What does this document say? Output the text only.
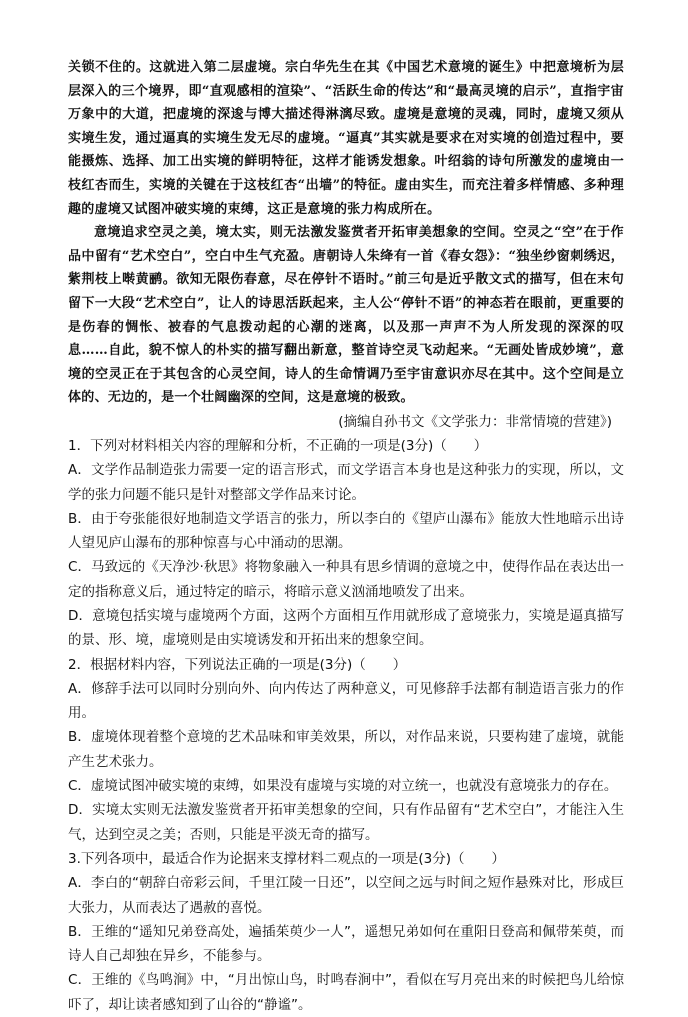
关锁不住的。这就进入第二层虚境。宗白华先生在其《中国艺术意境的诞生》中把意境析为层层深入的三个境界，即“直观感相的渲染”、“活跃生命的传达”和“最高灵境的启示”，直指宇宙万象中的大道，把虚境的深逡与博大描述得淋漓尽致。虚境是意境的灵魂，同时，虚境又须从实境生发，通过逼真的实境生发无尽的虚境。“逼真”其实就是要求在对实境的创造过程中，要能摄炼、选择、加工出实境的鲜明特征，这样才能诱发想象。叶绍翁的诗句所激发的虚境由一枝红杏而生，实境的关键在于这枝红杏“出墙”的特征。虚由实生，而充注着多样情感、多种理趣的虚境又试图冲破实境的束缚，这正是意境的张力构成所在。

意境追求空灵之美，境太实，则无法激发鉴赏者开拓审美想象的空间。空灵之“空”在于作品中留有“艺术空白”，空白中生气充盈。唐朝诗人朱绛有一首《春女怨》：“独坐纱窗刺绣迟，紫荆枝上啭黄鹂。欲知无限伤春意，尽在停针不语时。”前三句是近乎散文式的描写，但在末句留下一大段“艺术空白”，让人的诗思活跃起来，主人公“停针不语”的神态若在眼前，更重要的是伤春的惆怅、被春的气息拨动起的心潮的迷离，以及那一声声不为人所发现的深深的叹息……自此，貌不惊人的朴实的描写翻出新意，整首诗空灵飞动起来。“无画处皆成妙境”，意境的空灵正在于其包含的心灵空间，诗人的生命情调乃至宇宙意识亦尽在其中。这个空间是立体的、无边的，是一个壮阔幽深的空间，这是意境的极致。

(摘编自孙书文《文学张力：非常情境的营建》)

1．下列对材料相关内容的理解和分析，不正确的一项是(3分)（　　）

A．文学作品制造张力需要一定的语言形式，而文学语言本身也是这种张力的实现，所以，文学的张力问题不能只是针对整部文学作品来讨论。

B．由于夸张能很好地制造文学语言的张力，所以李白的《望庐山瀑布》能放大性地暗示出诗人望见庐山瀑布的那种惊喜与心中涌动的思潮。

C．马致远的《天净沙·秋思》将物象融入一种具有思乡情调的意境之中，使得作品在表达出一定的指称意义后，通过特定的暗示，将暗示意义汹涌地喷发了出来。

D．意境包括实境与虚境两个方面，这两个方面相互作用就形成了意境张力，实境是逼真描写的景、形、境，虚境则是由实境诱发和开拓出来的想象空间。

2．根据材料内容，下列说法正确的一项是(3分)（　　）

A．修辞手法可以同时分别向外、向内传达了两种意义，可见修辞手法都有制造语言张力的作用。

B．虚境体现着整个意境的艺术品味和审美效果，所以，对作品来说，只要构建了虚境，就能产生艺术张力。

C．虚境试图冲破实境的束缚，如果没有虚境与实境的对立统一，也就没有意境张力的存在。

D．实境太实则无法激发鉴赏者开拓审美想象的空间，只有作品留有“艺术空白”，才能注入生气，达到空灵之美；否则，只能是平淡无奇的描写。

3.下列各项中，最适合作为论据来支撑材料二观点的一项是(3分)（　　）

A．李白的“朝辞白帝彩云间，千里江陵一日还”，以空间之远与时间之短作悬殊对比，形成巨大张力，从而表达了遇赦的喜悦。

B．王维的“遥知兄弟登高处，遍插茱萸少一人”，遥想兄弟如何在重阳日登高和佩带茱萸，而诗人自己却独在异乡，不能参与。

C．王维的《鸟鸣涧》中，“月出惊山鸟，时鸣春涧中”，看似在写月亮出来的时候把鸟儿给惊吓了，却让读者感知到了山谷的“静谧”。
